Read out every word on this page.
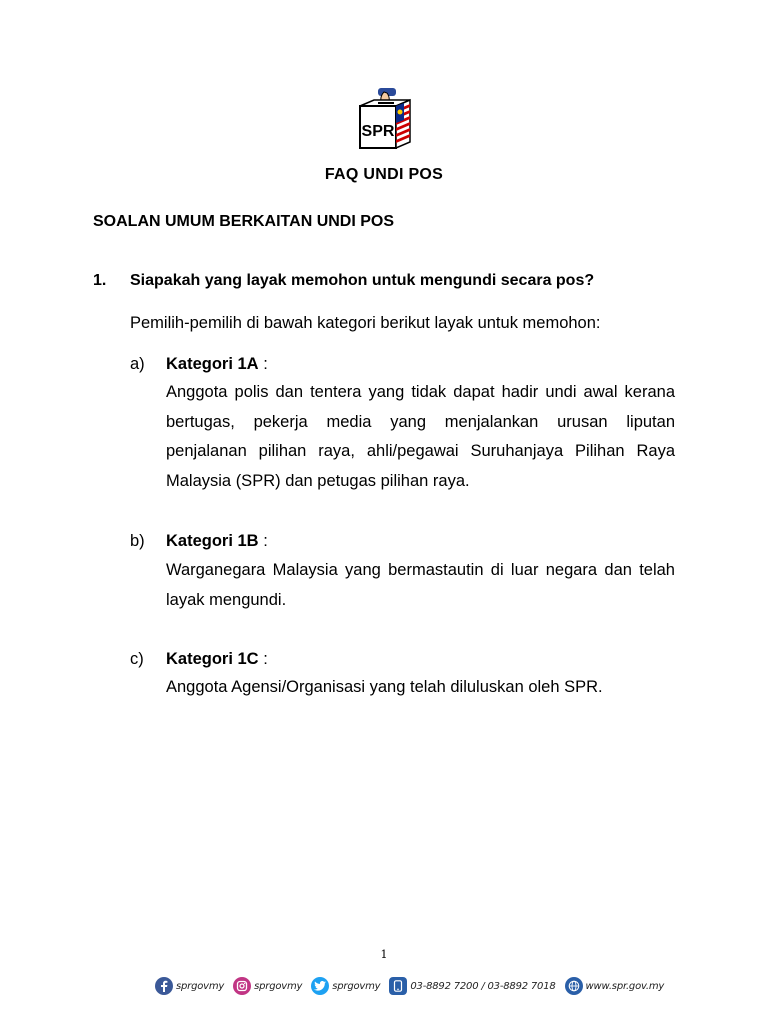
SPR
FAQ UNDI POS
SOALAN UMUM BERKAITAN UNDI POS
1. Siapakah yang layak memohon untuk mengundi secara pos?
Pemilih-pemilih di bawah kategori berikut layak untuk memohon:
a) Kategori 1A :
Anggota polis dan tentera yang tidak dapat hadir undi awal kerana bertugas, pekerja media yang menjalankan urusan liputan penjalanan pilihan raya, ahli/pegawai Suruhanjaya Pilihan Raya Malaysia (SPR) dan petugas pilihan raya.
b) Kategori 1B :
Warganegara Malaysia yang bermastautin di luar negara dan telah layak mengundi.
c) Kategori 1C :
Anggota Agensi/Organisasi yang telah diluluskan oleh SPR.
1
sprgovmy	sprgovmy	sprgovmy	03-8892 7200 / 03-8892 7018	www.spr.gov.my
